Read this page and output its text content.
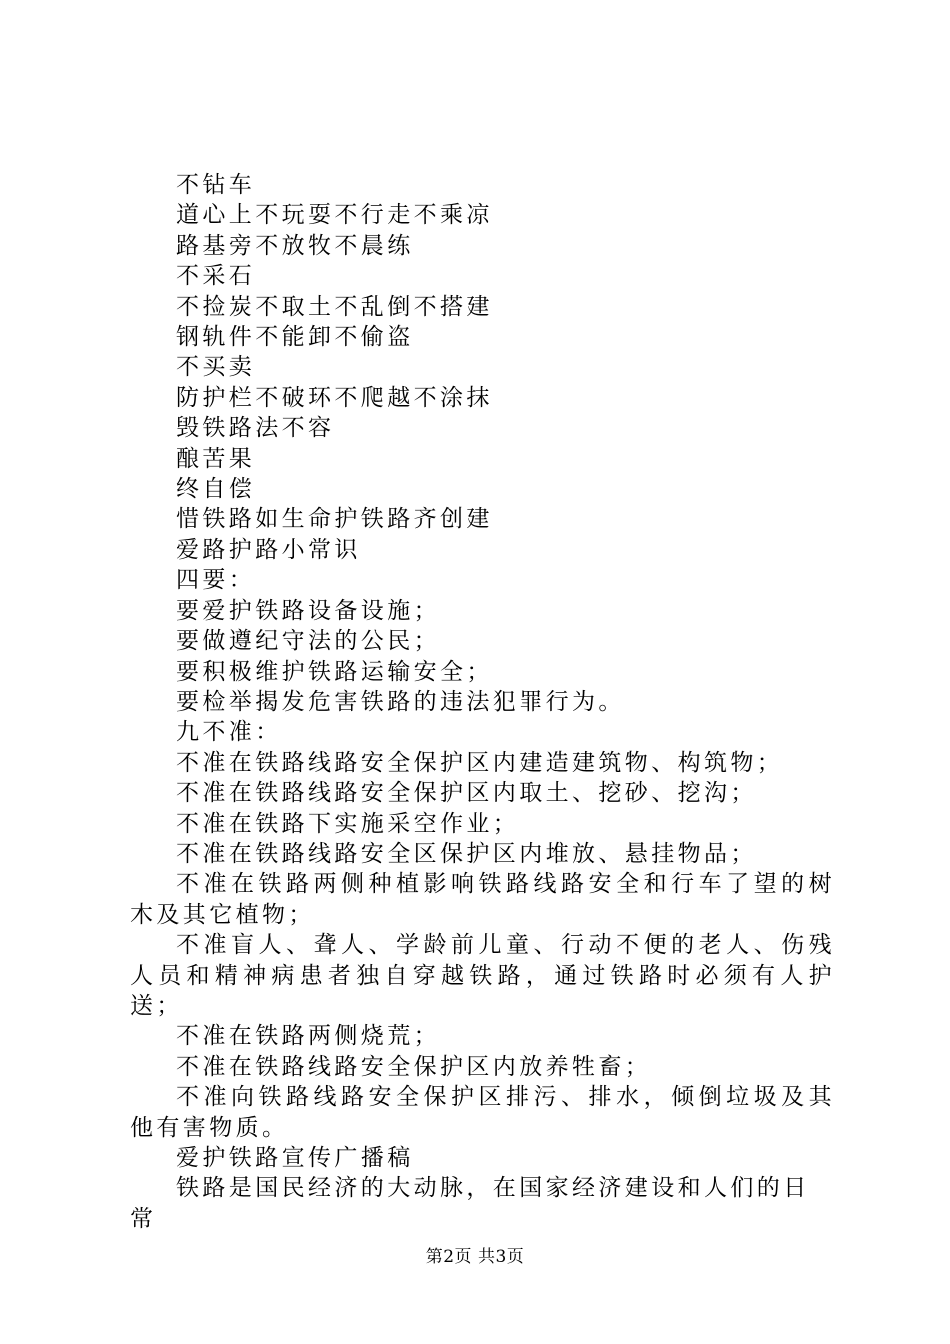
不钻车

道心上不玩耍不行走不乘凉

路基旁不放牧不晨练

不采石

不捡炭不取土不乱倒不搭建

钢轨件不能卸不偷盗

不买卖

防护栏不破环不爬越不涂抹

毁铁路法不容

酿苦果

终自偿

惜铁路如生命护铁路齐创建

爱路护路小常识

四要：

要爱护铁路设备设施；

要做遵纪守法的公民；

要积极维护铁路运输安全；

要检举揭发危害铁路的违法犯罪行为。

九不准：

不准在铁路线路安全保护区内建造建筑物、构筑物；

不准在铁路线路安全保护区内取土、挖砂、挖沟；

不准在铁路下实施采空作业；

不准在铁路线路安全区保护区内堆放、悬挂物品；

不准在铁路两侧种植影响铁路线路安全和行车了望的树木及其它植物；

不准盲人、聋人、学龄前儿童、行动不便的老人、伤残人员和精神病患者独自穿越铁路，通过铁路时必须有人护送；

不准在铁路两侧烧荒；

不准在铁路线路安全保护区内放养牲畜；

不准向铁路线路安全保护区排污、排水，倾倒垃圾及其他有害物质。

爱护铁路宣传广播稿

铁路是国民经济的大动脉，在国家经济建设和人们的日常

第2页 共3页
